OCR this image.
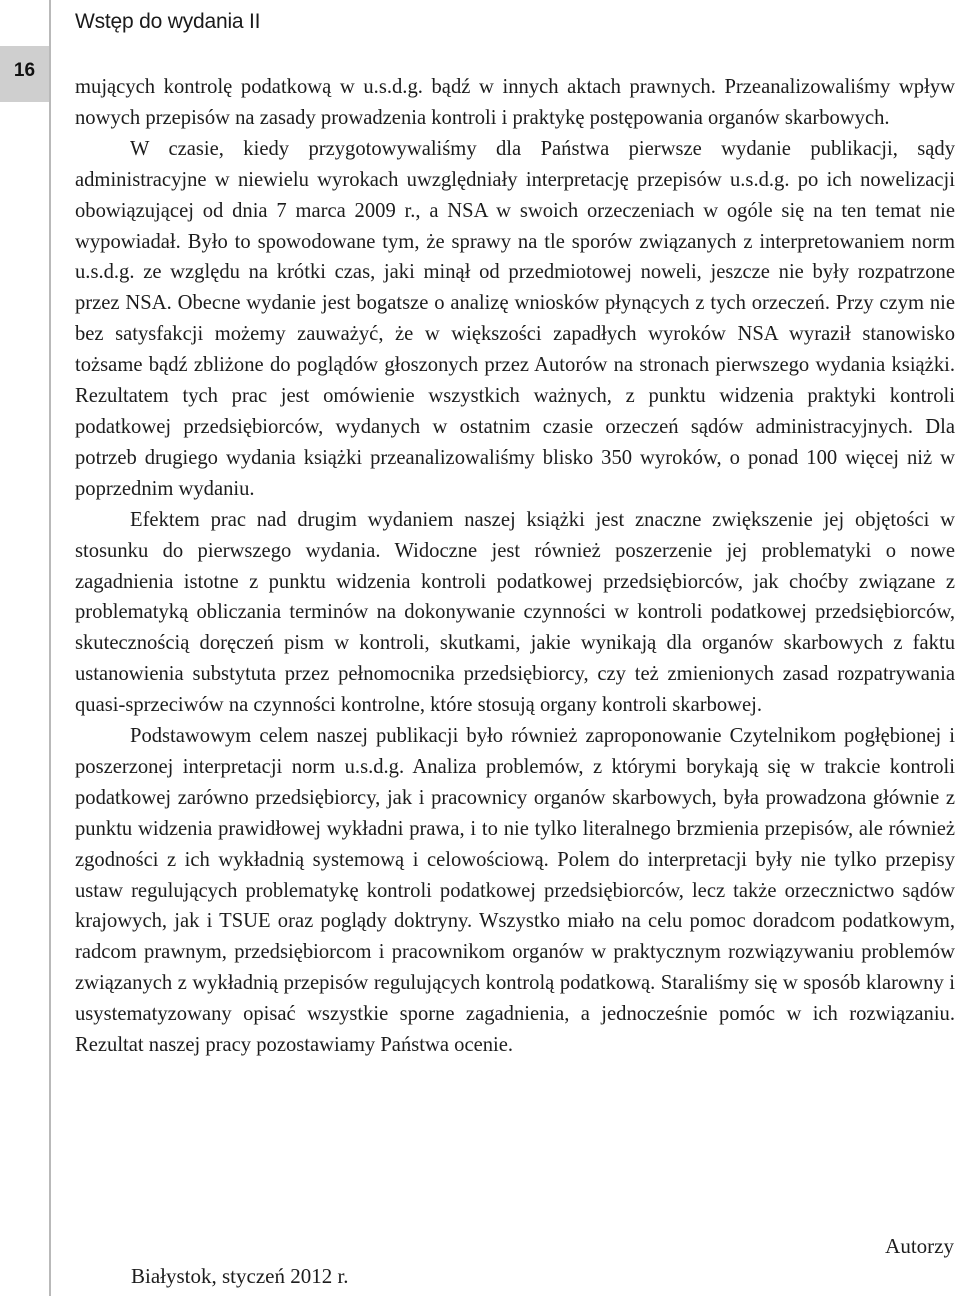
16
Wstęp do wydania II

mujących kontrolę podatkową w u.s.d.g. bądź w innych aktach prawnych. Przeanalizowaliśmy wpływ nowych przepisów na zasady prowadzenia kontroli i praktykę postępowania organów skarbowych.

W czasie, kiedy przygotowywaliśmy dla Państwa pierwsze wydanie publikacji, sądy administracyjne w niewielu wyrokach uwzględniały interpretację przepisów u.s.d.g. po ich nowelizacji obowiązującej od dnia 7 marca 2009 r., a NSA w swoich orzeczeniach w ogóle się na ten temat nie wypowiadał. Było to spowodowane tym, że sprawy na tle sporów związanych z interpretowaniem norm u.s.d.g. ze względu na krótki czas, jaki minął od przedmiotowej noweli, jeszcze nie były rozpatrzone przez NSA. Obecne wydanie jest bogatsze o analizę wniosków płynących z tych orzeczeń. Przy czym nie bez satysfakcji możemy zauważyć, że w większości zapadłych wyroków NSA wyraził stanowisko tożsame bądź zbliżone do poglądów głoszonych przez Autorów na stronach pierwszego wydania książki. Rezultatem tych prac jest omówienie wszystkich ważnych, z punktu widzenia praktyki kontroli podatkowej przedsiębiorców, wydanych w ostatnim czasie orzeczeń sądów administracyjnych. Dla potrzeb drugiego wydania książki przeanalizowaliśmy blisko 350 wyroków, o ponad 100 więcej niż w poprzednim wydaniu.

Efektem prac nad drugim wydaniem naszej książki jest znaczne zwiększenie jej objętości w stosunku do pierwszego wydania. Widoczne jest również poszerzenie jej problematyki o nowe zagadnienia istotne z punktu widzenia kontroli podatkowej przedsiębiorców, jak choćby związane z problematyką obliczania terminów na dokonywanie czynności w kontroli podatkowej przedsiębiorców, skutecznością doręczeń pism w kontroli, skutkami, jakie wynikają dla organów skarbowych z faktu ustanowienia substytuta przez pełnomocnika przedsiębiorcy, czy też zmienionych zasad rozpatrywania quasi-sprzeciwów na czynności kontrolne, które stosują organy kontroli skarbowej.

Podstawowym celem naszej publikacji było również zaproponowanie Czytelnikom pogłębionej i poszerzonej interpretacji norm u.s.d.g. Analiza problemów, z którymi borykają się w trakcie kontroli podatkowej zarówno przedsiębiorcy, jak i pracownicy organów skarbowych, była prowadzona głównie z punktu widzenia prawidłowej wykładni prawa, i to nie tylko literalnego brzmienia przepisów, ale również zgodności z ich wykładnią systemową i celowościową. Polem do interpretacji były nie tylko przepisy ustaw regulujących problematykę kontroli podatkowej przedsiębiorców, lecz także orzecznictwo sądów krajowych, jak i TSUE oraz poglądy doktryny. Wszystko miało na celu pomoc doradcom podatkowym, radcom prawnym, przedsiębiorcom i pracownikom organów w praktycznym rozwiązywaniu problemów związanych z wykładnią przepisów regulujących kontrolą podatkową. Staraliśmy się w sposób klarowny i usystematyzowany opisać wszystkie sporne zagadnienia, a jednocześnie pomóc w ich rozwiązaniu. Rezultat naszej pracy pozostawiamy Państwa ocenie.

Autorzy
Białystok, styczeń 2012 r.
